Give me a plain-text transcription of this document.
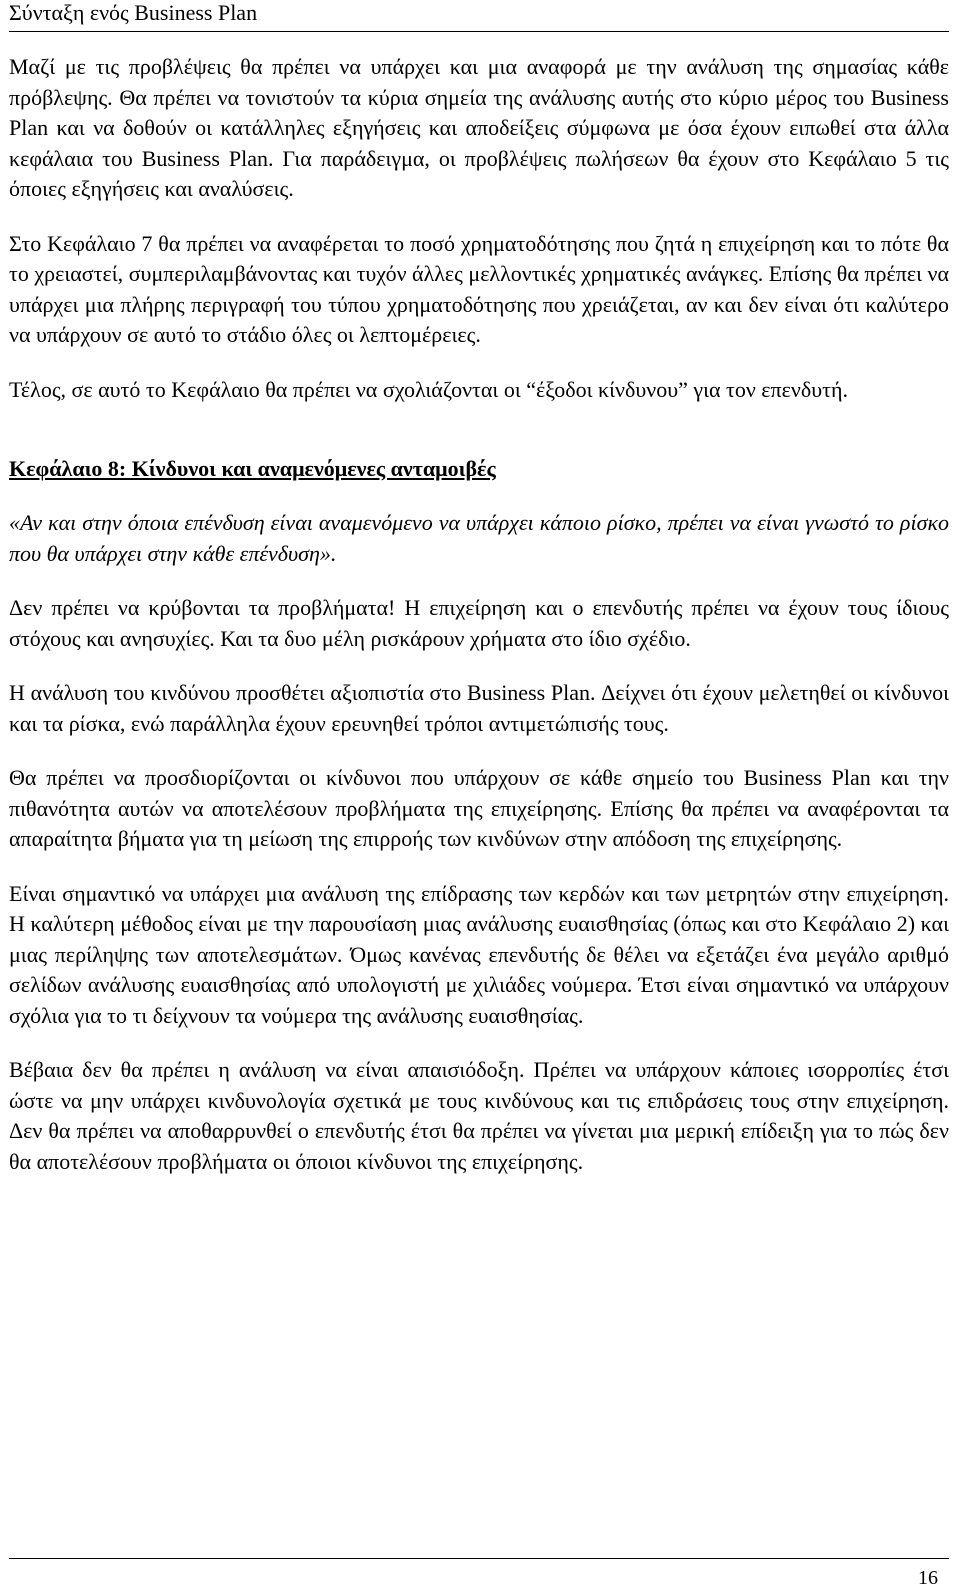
Σύνταξη ενός Business Plan

Μαζί με τις προβλέψεις θα πρέπει να υπάρχει και μια αναφορά με την ανάλυση της σημασίας κάθε πρόβλεψης. Θα πρέπει να τονιστούν τα κύρια σημεία της ανάλυσης αυτής στο κύριο μέρος του Business Plan και να δοθούν οι κατάλληλες εξηγήσεις και αποδείξεις σύμφωνα με όσα έχουν ειπωθεί στα άλλα κεφάλαια του Business Plan. Για παράδειγμα, οι προβλέψεις πωλήσεων θα έχουν στο Κεφάλαιο 5 τις όποιες εξηγήσεις και αναλύσεις.

Στο Κεφάλαιο 7 θα πρέπει να αναφέρεται το ποσό χρηματοδότησης που ζητά η επιχείρηση και το πότε θα το χρειαστεί, συμπεριλαμβάνοντας και τυχόν άλλες μελλοντικές χρηματικές ανάγκες. Επίσης θα πρέπει να υπάρχει μια πλήρης περιγραφή του τύπου χρηματοδότησης που χρειάζεται, αν και δεν είναι ότι καλύτερο να υπάρχουν σε αυτό το στάδιο όλες οι λεπτομέρειες.

Τέλος, σε αυτό το Κεφάλαιο θα πρέπει να σχολιάζονται οι “έξοδοι κίνδυνου” για τον επενδυτή.

Κεφάλαιο 8: Κίνδυνοι και αναμενόμενες ανταμοιβές

«Αν και στην όποια επένδυση είναι αναμενόμενο να υπάρχει κάποιο ρίσκο, πρέπει να είναι γνωστό το ρίσκο που θα υπάρχει στην κάθε επένδυση».

Δεν πρέπει να κρύβονται τα προβλήματα! Η επιχείρηση και ο επενδυτής πρέπει να έχουν τους ίδιους στόχους και ανησυχίες. Και τα δυο μέλη ρισκάρουν χρήματα στο ίδιο σχέδιο.

Η ανάλυση του κινδύνου προσθέτει αξιοπιστία στο Business Plan. Δείχνει ότι έχουν μελετηθεί οι κίνδυνοι και τα ρίσκα, ενώ παράλληλα έχουν ερευνηθεί τρόποι αντιμετώπισής τους.

Θα πρέπει να προσδιορίζονται οι κίνδυνοι που υπάρχουν σε κάθε σημείο του Business Plan και την πιθανότητα αυτών να αποτελέσουν προβλήματα της επιχείρησης. Επίσης θα πρέπει να αναφέρονται τα απαραίτητα βήματα για τη μείωση της επιρροής των κινδύνων στην απόδοση της επιχείρησης.

Είναι σημαντικό να υπάρχει μια ανάλυση της επίδρασης των κερδών και των μετρητών στην επιχείρηση. Η καλύτερη μέθοδος είναι με την παρουσίαση μιας ανάλυσης ευαισθησίας (όπως και στο Κεφάλαιο 2) και μιας περίληψης των αποτελεσμάτων. Όμως κανένας επενδυτής δε θέλει να εξετάζει ένα μεγάλο αριθμό σελίδων ανάλυσης ευαισθησίας από υπολογιστή με χιλιάδες νούμερα. Έτσι είναι σημαντικό να υπάρχουν σχόλια για το τι δείχνουν τα νούμερα της ανάλυσης ευαισθησίας.

Βέβαια δεν θα πρέπει η ανάλυση να είναι απαισιόδοξη. Πρέπει να υπάρχουν κάποιες ισορροπίες έτσι ώστε να μην υπάρχει κινδυνολογία σχετικά με τους κινδύνους και τις επιδράσεις τους στην επιχείρηση. Δεν θα πρέπει να αποθαρρυνθεί ο επενδυτής έτσι θα πρέπει να γίνεται μια μερική επίδειξη για το πώς δεν θα αποτελέσουν προβλήματα οι όποιοι κίνδυνοι της επιχείρησης.

16
